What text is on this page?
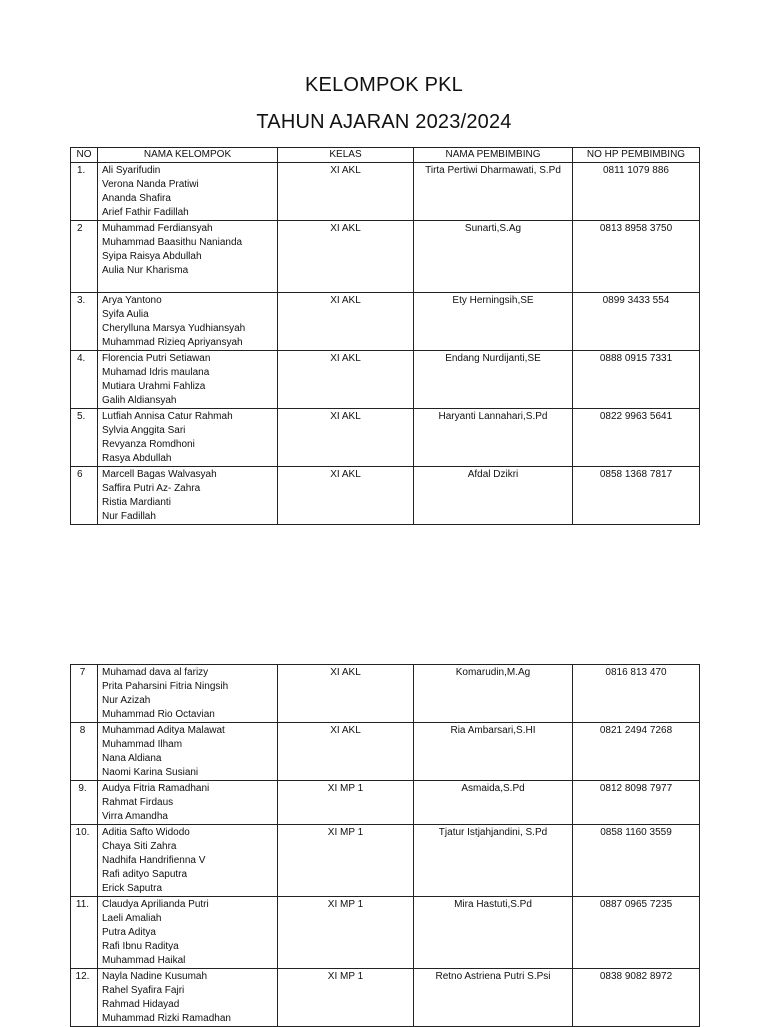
KELOMPOK PKL
TAHUN AJARAN 2023/2024
NO	NAMA KELOMPOK	KELAS	NAMA PEMBIMBING	NO HP PEMBIMBING
1.	Ali Syarifudin
Verona Nanda Pratiwi
Ananda Shafira
Arief Fathir Fadillah	XI AKL	Tirta Pertiwi Dharmawati, S.Pd	0811 1079 886
2	Muhammad Ferdiansyah
Muhammad Baasithu Nanianda
Syipa Raisya Abdullah
Aulia Nur Kharisma	XI AKL	Sunarti,S.Ag	0813 8958 3750
3.	Arya Yantono
Syifa Aulia
Cherylluna Marsya Yudhiansyah
Muhammad Rizieq Apriyansyah	XI AKL	Ety Herningsih,SE	0899 3433 554
4.	Florencia Putri Setiawan
Muhamad Idris maulana
Mutiara Urahmi Fahliza
Galih Aldiansyah	XI AKL	Endang Nurdijanti,SE	0888 0915 7331
5.	Lutfiah Annisa Catur Rahmah
Sylvia Anggita Sari
Revyanza Romdhoni
Rasya Abdullah	XI AKL	Haryanti Lannahari,S.Pd	0822 9963 5641
6	Marcell Bagas Walvasyah
Saffira Putri Az- Zahra
Ristia Mardianti
Nur Fadillah	XI AKL	Afdal Dzikri	0858 1368 7817
7	Muhamad dava al farizy
Prita Paharsini Fitria Ningsih
Nur Azizah
Muhammad Rio Octavian	XI AKL	Komarudin,M.Ag	0816 813 470
8	Muhammad Aditya Malawat
Muhammad Ilham
Nana Aldiana
Naomi Karina Susiani	XI AKL	Ria Ambarsari,S.HI	0821 2494 7268
9.	Audya Fitria Ramadhani
Rahmat Firdaus
Virra Amandha	XI MP 1	Asmaida,S.Pd	0812 8098 7977
10.	Aditia Safto Widodo
Chaya Siti Zahra
Nadhifa Handrifienna V
Rafi adityo Saputra
Erick Saputra	XI MP 1	Tjatur Istjahjandini, S.Pd	0858 1160 3559
11.	Claudya Aprilianda Putri
Laeli Amaliah
Putra Aditya
Rafi Ibnu Raditya
Muhammad Haikal	XI MP 1	Mira Hastuti,S.Pd	0887 0965 7235
12.	Nayla Nadine Kusumah
Rahel Syafira Fajri
Rahmad Hidayad
Muhammad Rizki Ramadhan	XI MP 1	Retno Astriena Putri S.Psi	0838 9082 8972
